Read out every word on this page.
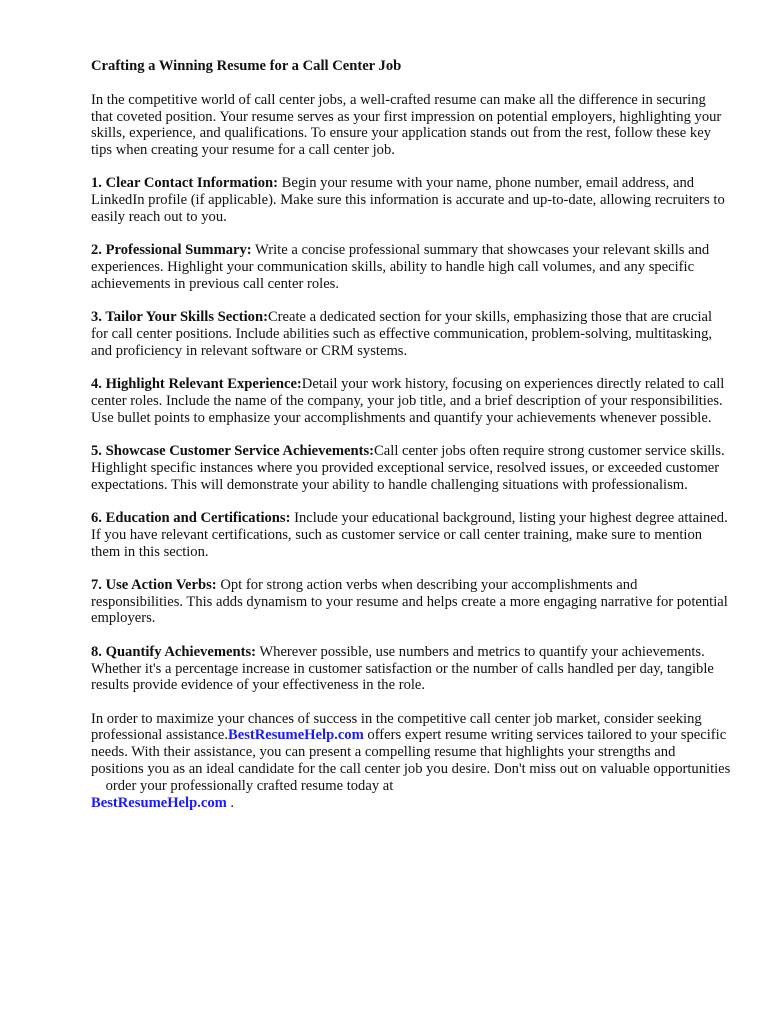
Crafting a Winning Resume for a Call Center Job

In the competitive world of call center jobs, a well-crafted resume can make all the difference in securing that coveted position. Your resume serves as your first impression on potential employers, highlighting your skills, experience, and qualifications. To ensure your application stands out from the rest, follow these key tips when creating your resume for a call center job.

1. Clear Contact Information: Begin your resume with your name, phone number, email address, and LinkedIn profile (if applicable). Make sure this information is accurate and up-to-date, allowing recruiters to easily reach out to you.

2. Professional Summary: Write a concise professional summary that showcases your relevant skills and experiences. Highlight your communication skills, ability to handle high call volumes, and any specific achievements in previous call center roles.

3. Tailor Your Skills Section:Create a dedicated section for your skills, emphasizing those that are crucial for call center positions. Include abilities such as effective communication, problem-solving, multitasking, and proficiency in relevant software or CRM systems.

4. Highlight Relevant Experience:Detail your work history, focusing on experiences directly related to call center roles. Include the name of the company, your job title, and a brief description of your responsibilities. Use bullet points to emphasize your accomplishments and quantify your achievements whenever possible.

5. Showcase Customer Service Achievements:Call center jobs often require strong customer service skills. Highlight specific instances where you provided exceptional service, resolved issues, or exceeded customer expectations. This will demonstrate your ability to handle challenging situations with professionalism.

6. Education and Certifications: Include your educational background, listing your highest degree attained. If you have relevant certifications, such as customer service or call center training, make sure to mention them in this section.

7. Use Action Verbs: Opt for strong action verbs when describing your accomplishments and responsibilities. This adds dynamism to your resume and helps create a more engaging narrative for potential employers.

8. Quantify Achievements: Wherever possible, use numbers and metrics to quantify your achievements. Whether it's a percentage increase in customer satisfaction or the number of calls handled per day, tangible results provide evidence of your effectiveness in the role.

In order to maximize your chances of success in the competitive call center job market, consider seeking professional assistance.BestResumeHelp.com offers expert resume writing services tailored to your specific needs. With their assistance, you can present a compelling resume that highlights your strengths and positions you as an ideal candidate for the call center job you desire. Don't miss out on valuable opportunities     order your professionally crafted resume today at
BestResumeHelp.com .
